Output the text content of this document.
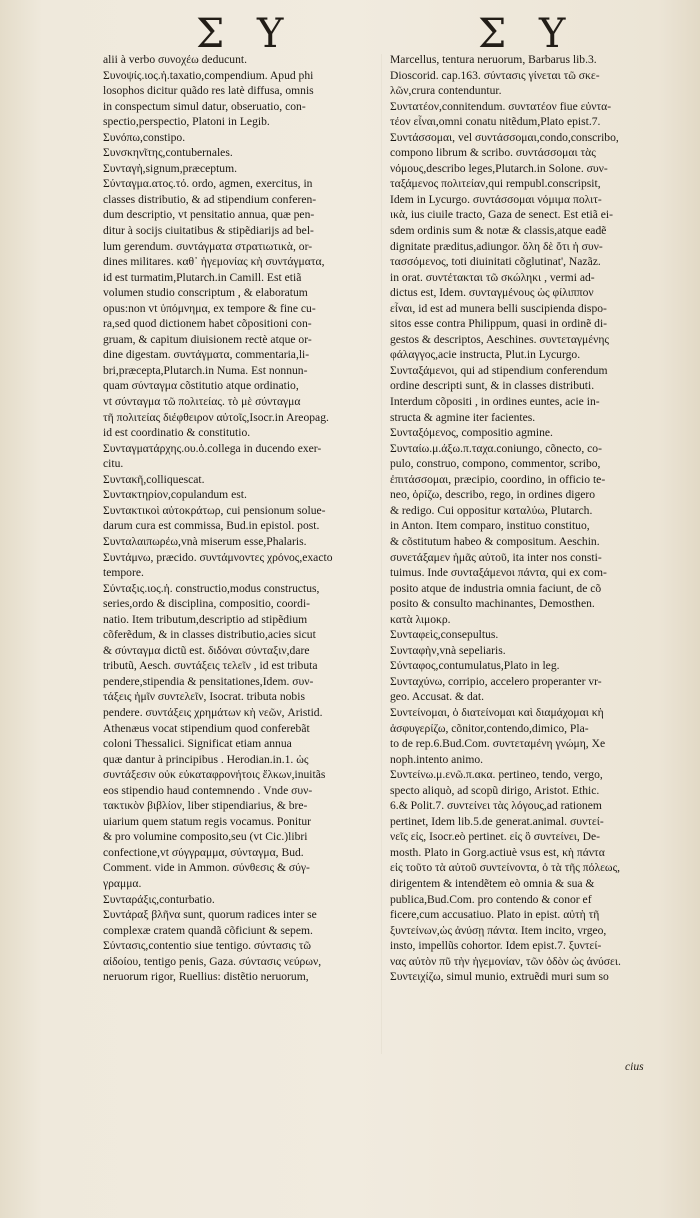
Σ Υ	Σ Υ
alii à verbo συνοχέω deducunt.
Συνοψίς.ιος.ἡ.taxatio,compendium. Apud phi
losophos dicitur quãdo res latè diffusa, omnis
in conspectum simul datur, obseruatio, con-
spectio,perspectio, Platoni in Legib.
Συνόπω,constipo.
Συνσκηνῖτης,contubernales.
Συνταγὴ,signum,præceptum.
Σύνταγμα.ατος.τό. ordo, agmen, exercitus, in
classes distributio, & ad stipendium conferen-
dum descriptio, vt pensitatio annua, quæ pen-
ditur à socijs ciuitatibus & stipẽdiarijs ad bel-
lum gerendum. συντάγματα στρατιωτικὰ, or-
dines militares. καθ᾽ ἡγεμονίας κὴ συντάγματα,
id est turmatim,Plutarch.in Camill. Est etiã
volumen studio conscriptum , & elaboratum
opus:non vt ὑπόμνημα, ex tempore & fine cu-
ra,sed quod dictionem habet cõpositioni con-
gruam, & capitum diuisionem rectè atque or-
dine digestam. συντάγματα, commentaria,li-
bri,præcepta,Plutarch.in Numa. Est nonnun-
quam σύνταγμα cõstitutio atque ordinatio,
vt σύνταγμα τῶ πολιτείας. τὸ μὲ σύνταγμα
τῆ πολιτείας διέφθειρον αὐτοῖς,Isocr.in Areopag.
id est coordinatio & constitutio.
Συνταγματάρχης.ου.ὁ.collega in ducendo exer-
citu.
Συντακῆ,colliquescat.
Συντακτηρίον,copulandum est.
Συντακτικοὶ αὐτοκράτωρ, cui pensionum solue-
darum cura est commissa, Bud.in epistol. post.
Συνταλαιπωρέω,vnà miserum esse,Phalaris.
Συντάμνω, præcido. συντάμνοντες χρόνος,exacto
tempore.
Σύνταξις.ιος.ἡ. constructio,modus constructus,
series,ordo & disciplina, compositio, coordi-
natio. Item tributum,descriptio ad stipẽdium
cõferẽdum, & in classes distributio,acies sicut
& σύνταγμα dictũ est. διδόναι σύνταξιν,dare
tributũ, Aesch. συντάξεις τελεῖν , id est tributa
pendere,stipendia & pensitationes,Idem. συν-
τάξεις ἡμῖν συντελεῖν, Isocrat. tributa nobis
pendere. συντάξεις χρημάτων κὴ νεῶν, Aristid.
Athenæus vocat stipendium quod conferebãt
coloni Thessalici. Significat etiam annua
quæ dantur à principibus . Herodian.in.1. ὡς
συντάξεσιν οὐκ εὐκαταφρονήτοις ἕλκων,inuitãs
eos stipendio haud contemnendo . Vnde συν-
τακτικὸν βιβλίον, liber stipendiarius, & bre-
uiarium quem statum regis vocamus. Ponitur
& pro volumine composito,seu (vt Cic.)libri
confectione,vt σύγγραμμα, σύνταγμα, Bud.
Comment. vide in Ammon. σύνθεσις & σύγ-
γραμμα.
Συνταράξις,conturbatio.
Συντάραξ βλῆνα sunt, quorum radices inter se
complexæ cratem quandã cõficiunt & sepem.
Σύντασις,contentio siue tentigo. σύντασις τῶ
αἰδοίου, tentigo penis, Gaza. σύντασις νεύρων,
neruorum rigor, Ruellius: distẽtio neruorum,
Marcellus, tentura neruorum, Barbarus lib.3.
Dioscorid. cap.163. σύντασις γίνεται τῶ σκε-
λῶν,crura contenduntur.
Συντατέον,connitendum. συντατέον fiue εὐντα-
τέον εἶναι,omni conatu nitẽdum,Plato epist.7.
Συντάσσομαι, vel συντάσσομαι,condo,conscribo,
compono librum & scribo. συντάσσομαι τὰς
νόμους,describo leges,Plutarch.in Solone. συν-
ταξάμενος πολιτείαν,qui rempubl.conscripsit,
Idem in Lycurgo. συντάσσομαι νόμιμα πολιτ-
ικὰ, ius ciuile tracto, Gaza de senect. Est etiã ei-
sdem ordinis sum & notæ & classis,atque eadẽ
dignitate præditus,adiungor. ὅλη δὲ ὅτι ἡ συν-
τασσόμενος, toti diuinitati cõglutinat', Nazãz.
in orat. συντέτακται τῶ σκώληκι , vermi ad-
dictus est, Idem. συνταγμένους ὡς φίλιππον
εἶναι, id est ad munera belli suscipienda dispo-
sitos esse contra Philippum, quasi in ordinẽ di-
gestos & descriptos, Aeschines. συντεταγμένης
φάλαγγος,acie instructa, Plut.in Lycurgo.
Συνταξάμενοι, qui ad stipendium conferendum
ordine descripti sunt, & in classes distributi.
Interdum cõpositi , in ordines euntes, acie in-
structa & agmine iter facientes.
Συνταξόμενος, compositio agmine.
Συνταίω.μ.άξω.π.ταχα.coniungo, cõnecto, co-
pulo, construo, compono, commentor, scribo,
ἐπιτάσσομαι, præcipio, coordino, in officio te-
neo, ὁρίζω, describo, rego, in ordines digero
& redigo. Cui oppositur καταλύω, Plutarch.
in Anton. Item comparo, instituo constituo,
& cõstitutum habeo & compositum. Aeschin.
συνετάξαμεν ἡμᾶς αὐτοῦ, ita inter nos consti-
tuimus. Inde συνταξάμενοι πάντα, qui ex com-
posito atque de industria omnia faciunt, de cõ
posito & consulto machinantes, Demosthen.
κατὰ λιμοκρ.
Συνταφεὶς,consepultus.
Συνταφὴν,vnà sepeliaris.
Σύνταφος,contumulatus,Plato in leg.
Συνταχύνω, corripio, accelero properanter vr-
geo. Accusat. & dat.
Συντείνομαι, ὁ διατείνομαι καὶ διαμάχομαι κὴ
ἀσφυγερίζω, cõnitor,contendo,dimico, Pla-
to de rep.6.Bud.Com. συντεταμένη γνώμη, Xe
noph.intento animo.
Συντείνω.μ.ενῶ.π.ακα. pertineo, tendo, vergo,
specto aliquò, ad scopũ dirigo, Aristot. Ethic.
6.& Polit.7. συντείνει τὰς λόγους,ad rationem
pertinet, Idem lib.5.de generat.animal. συντεί-
νεῖς εἰς, Isocr.eò pertinet. εἰς ὃ συντείνει, De-
mosth. Plato in Gorg.actiuè vsus est, κὴ πάντα
εἰς τοῦτο τὰ αὐτοῦ συντείνοντα, ὁ τὰ τῆς πόλεως,
dirigentem & intendẽtem eò omnia & sua &
publica,Bud.Com. pro contendo & conor ef
ficere,cum accusatiuo. Plato in epist. αὐτὴ τῆ
ξυντείνων,ὡς ἀνύσῃ πάντα. Item incito, vrgeo,
insto, impellũs cohortor. Idem epist.7. ξυντεί-
νας αὐτὸν πῦ τὴν ἡγεμονίαν, τῶν ὁδὸν ὡς ἀνύσει.
Συντειχίζω, simul munio, extruẽdi muri sum so
cius
